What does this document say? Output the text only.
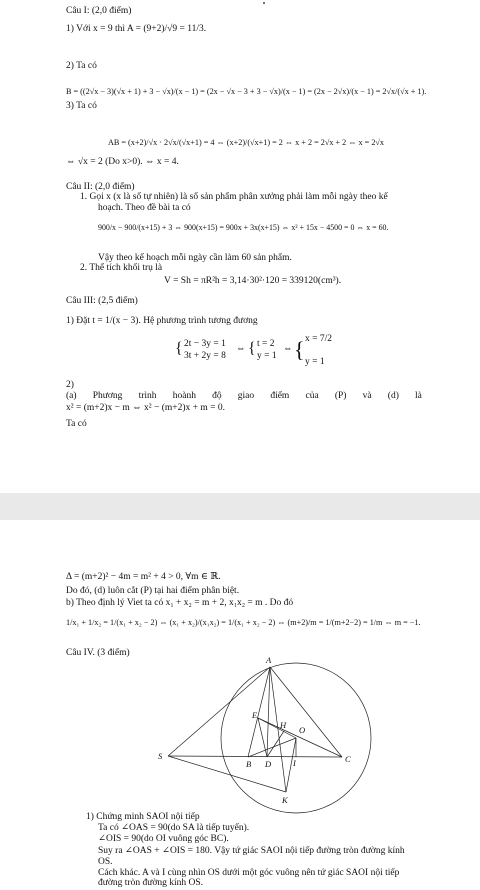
Câu I: (2,0 điểm)
1) Với x = 9 thì A = (9+2)/√9 = 11/3.
2) Ta có
B = ((2√x − 3)(√x + 1) + 3 − √x)/(x − 1) = (2x − √x − 3 + 3 − √x)/(x − 1) = (2x − 2√x)/(x − 1) = 2√x/(√x + 1).
3) Ta có
AB = (x+2)/√x · 2√x/(√x+1) = 4 ⇔ (x+2)/(√x+1) = 2 ⇔ x + 2 = 2√x + 2 ⇔ x = 2√x
⇔ √x = 2 (Do x>0). ⇔ x = 4.
Câu II: (2,0 điểm)
1. Gọi x (x là số tự nhiên) là số sản phẩm phân xưởng phải làm mỗi ngày theo kế
hoạch. Theo đề bài ta có
900/x − 900/(x+15) + 3 ⇔ 900(x+15) = 900x + 3x(x+15) ⇔ x² + 15x − 4500 = 0 ⇔ x = 60.
Vậy theo kế hoạch mỗi ngày cần làm 60 sản phẩm.
2. Thể tích khối trụ là
V = Sh = πR²h = 3,14·30²·120 = 339120(cm³).
Câu III: (2,5 điểm)
1) Đặt t = 1/(x − 3). Hệ phương trình tương đương
{ 2t − 3y = 1
3t + 2y = 8
⇔ { t = 2
y = 1
⇔ { x = 7/2
y = 1
2)
(a) Phương trình hoành độ giao điểm của (P) và (d) là
x² = (m+2)x − m ⇔ x² − (m+2)x + m = 0.
Ta có
Δ = (m+2)² − 4m = m² + 4 > 0, ∀m ∈ ℝ.
Do đó, (d) luôn cắt (P) tại hai điểm phân biệt.
b) Theo định lý Viet ta có x₁ + x₂ = m + 2, x₁x₂ = m . Do đó
1/x₁ + 1/x₂ = 1/(x₁ + x₂ − 2) ⇔ (x₁ + x₂)/(x₁x₂) = 1/(x₁ + x₂ − 2) ⇔ (m+2)/m = 1/(m+2−2) = 1/m ⇔ m = −1.
Câu IV. (3 điểm)
A
S
B D	I	C
E
H O
K
1) Chứng minh SAOI nội tiếp
Ta có ∠OAS = 90(do SA là tiếp tuyến).
∠OIS = 90(do OI vuông góc BC).
Suy ra ∠OAS + ∠OIS = 180. Vậy tứ giác SAOI nội tiếp đường tròn đường kính
OS.
Cách khác. A và I cùng nhìn OS dưới một góc vuông nên tứ giác SAOI nội tiếp
đường tròn đường kính OS.
